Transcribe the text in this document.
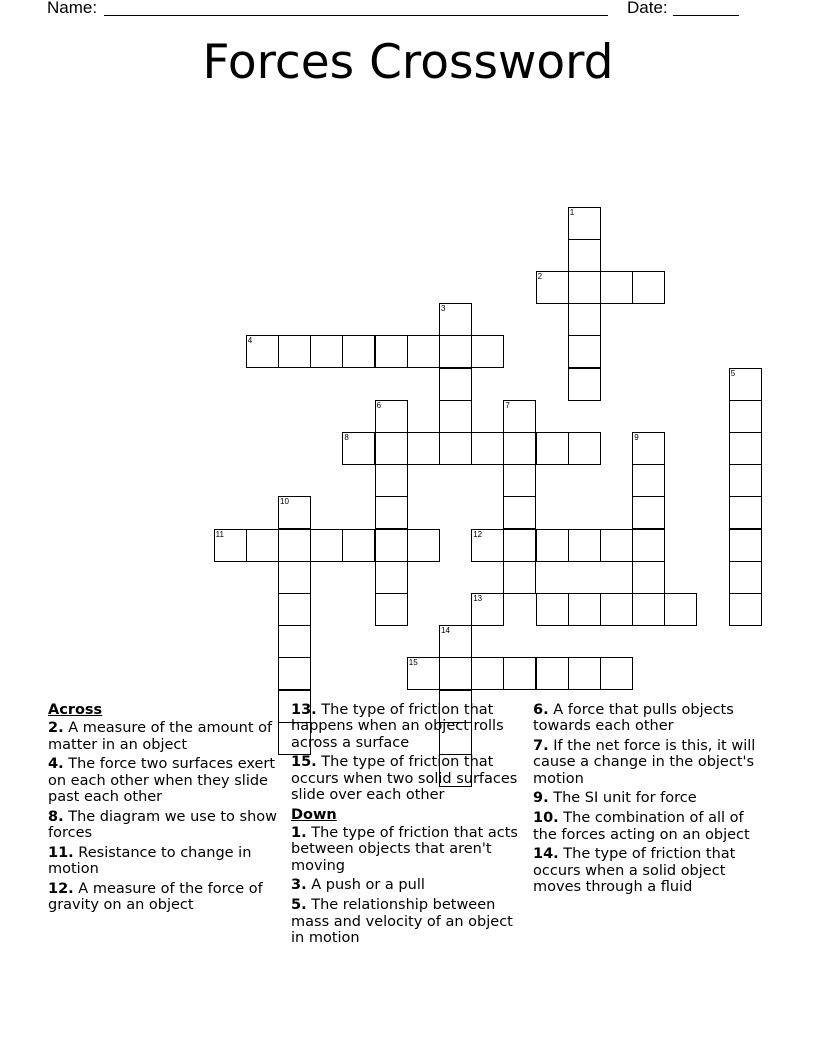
Name:	Date:
Forces Crossword
1
2
3
4
5
6	7
8	9
10
11	12
13
14
15
Across
2. A measure of the amount of matter in an object
4. The force two surfaces exert on each other when they slide past each other
8. The diagram we use to show forces
11. Resistance to change in motion
12. A measure of the force of gravity on an object
13. The type of friction that happens when an object rolls across a surface
15. The type of friction that occurs when two solid surfaces slide over each other
Down
1. The type of friction that acts between objects that aren't moving
3. A push or a pull
5. The relationship between mass and velocity of an object in motion
6. A force that pulls objects towards each other
7. If the net force is this, it will cause a change in the object's motion
9. The SI unit for force
10. The combination of all of the forces acting on an object
14. The type of friction that occurs when a solid object moves through a fluid
